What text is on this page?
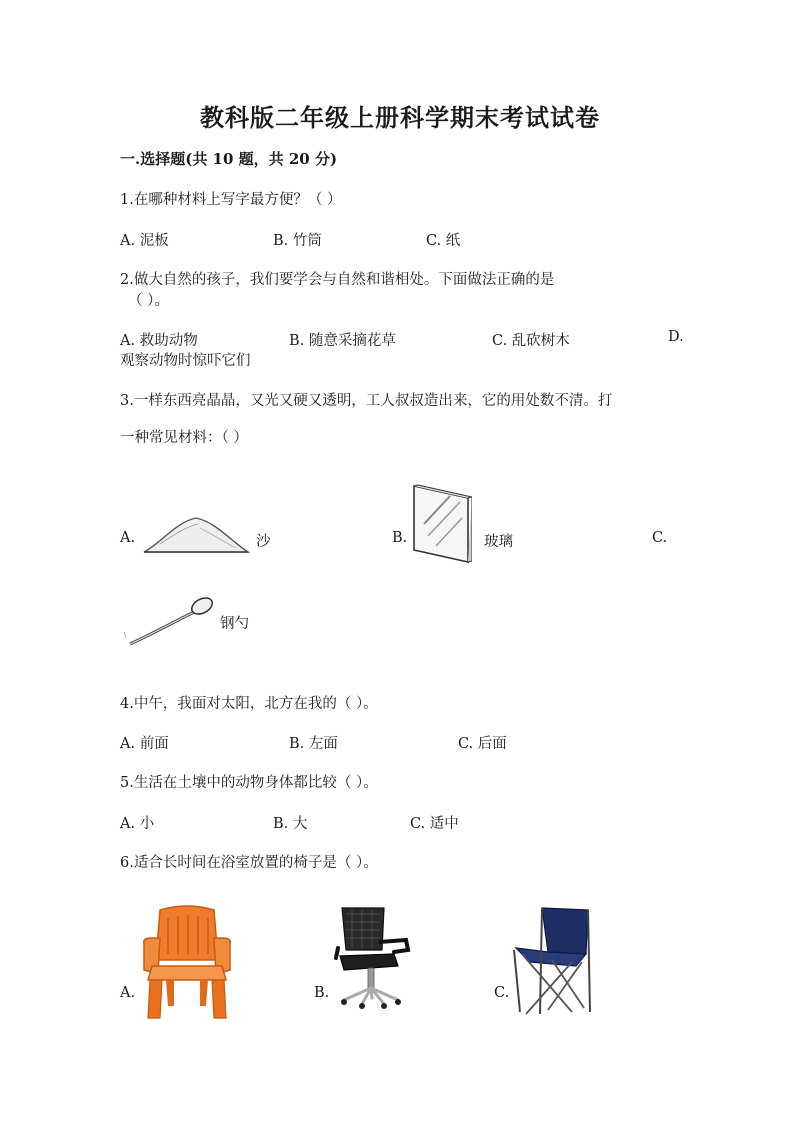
教科版二年级上册科学期末考试试卷
一.选择题(共 10 题，共 20 分)
1.在哪种材料上写字最方便？（ ）
A. 泥板	B. 竹筒	C. 纸
2.做大自然的孩子，我们要学会与自然和谐相处。下面做法正确的是
（ ）。
A. 救助动物	B. 随意采摘花草	C. 乱砍树木	D.
观察动物时惊吓它们
3.一样东西亮晶晶，又光又硬又透明，工人叔叔造出来，它的用处数不清。打
一种常见材料：（ ）
A.	沙	B.	玻璃	C.
钢勺
4.中午，我面对太阳，北方在我的（ ）。
A. 前面	B. 左面	C. 后面
5.生活在土壤中的动物身体都比较（ ）。
A. 小	B. 大	C. 适中
6.适合长时间在浴室放置的椅子是（ ）。
A.	B.	C.
